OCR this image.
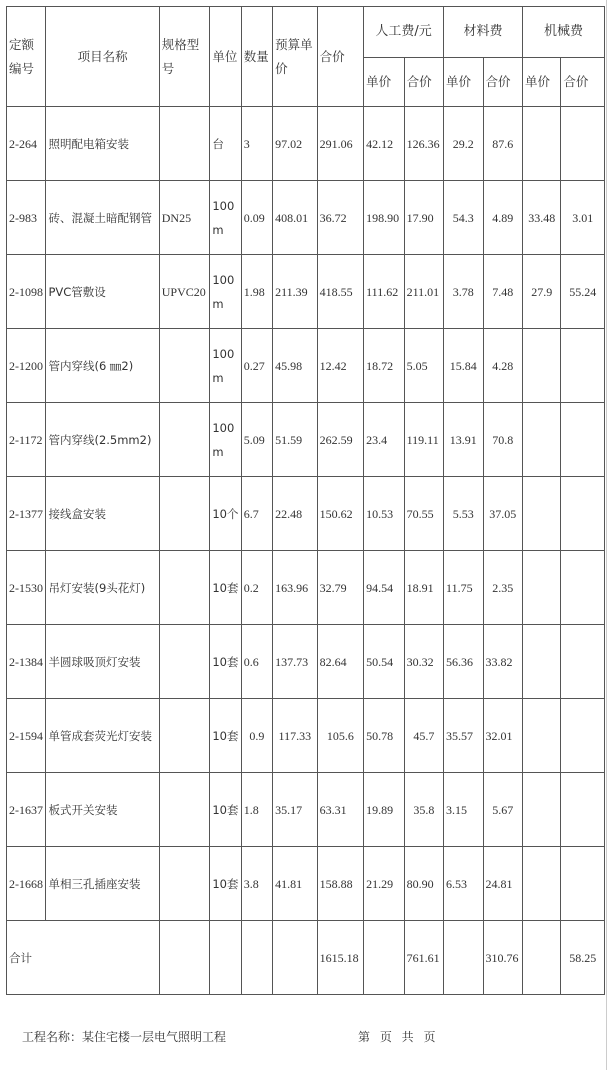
定额编号	项目名称	规格型号	单位	数量	预算单价	合价	人工费/元		材料费		机械费	
							单价	合价	单价	合价	单价	合价
2-264	照明配电箱安装		台	3	97.02	291.06	42.12	126.36	29.2	87.6		
2-983	砖、混凝土暗配钢管	DN25	100m	0.09	408.01	36.72	198.90	17.90	54.3	4.89	33.48	3.01
2-1098	PVC管敷设	UPVC20	100m	1.98	211.39	418.55	111.62	211.01	3.78	7.48	27.9	55.24
2-1200	管内穿线(6 ㎜2)		100m	0.27	45.98	12.42	18.72	5.05	15.84	4.28		
2-1172	管内穿线(2.5mm2)		100m	5.09	51.59	262.59	23.4	119.11	13.91	70.8		
2-1377	接线盒安装		10个	6.7	22.48	150.62	10.53	70.55	5.53	37.05		
2-1530	吊灯安装(9头花灯)		10套	0.2	163.96	32.79	94.54	18.91	11.75	2.35		
2-1384	半圆球吸顶灯安装		10套	0.6	137.73	82.64	50.54	30.32	56.36	33.82		
2-1594	单管成套荧光灯安装		10套	0.9	117.33	105.6	50.78	45.7	35.57	32.01		
2-1637	板式开关安装		10套	1.8	35.17	63.31	19.89	35.8	3.15	5.67		
2-1668	单相三孔插座安装		10套	3.8	41.81	158.88	21.29	80.90	6.53	24.81		
合计						1615.18		761.61		310.76		58.25
工程名称：某住宅楼一层电气照明工程	第 页 共 页
